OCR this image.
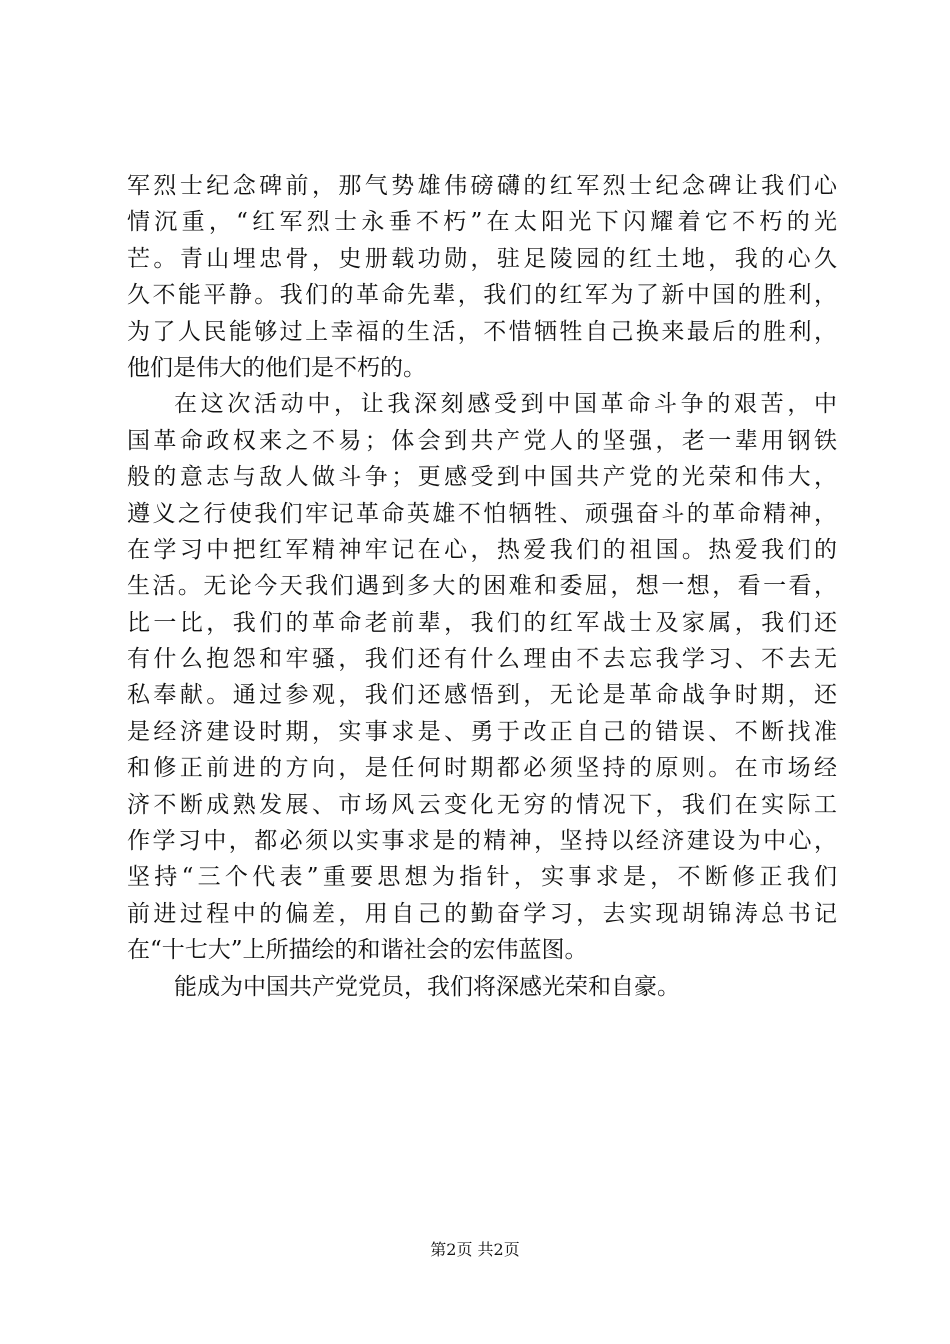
军烈士纪念碑前，那气势雄伟磅礴的红军烈士纪念碑让我们心
情沉重，“红军烈士永垂不朽”在太阳光下闪耀着它不朽的光
芒。青山埋忠骨，史册载功勋，驻足陵园的红土地，我的心久
久不能平静。我们的革命先辈，我们的红军为了新中国的胜利，
为了人民能够过上幸福的生活，不惜牺牲自己换来最后的胜利，
他们是伟大的他们是不朽的。
在这次活动中，让我深刻感受到中国革命斗争的艰苦，中
国革命政权来之不易；体会到共产党人的坚强，老一辈用钢铁
般的意志与敌人做斗争；更感受到中国共产党的光荣和伟大，
遵义之行使我们牢记革命英雄不怕牺牲、顽强奋斗的革命精神，
在学习中把红军精神牢记在心，热爱我们的祖国。热爱我们的
生活。无论今天我们遇到多大的困难和委屈，想一想，看一看，
比一比，我们的革命老前辈，我们的红军战士及家属，我们还
有什么抱怨和牢骚，我们还有什么理由不去忘我学习、不去无
私奉献。通过参观，我们还感悟到，无论是革命战争时期，还
是经济建设时期，实事求是、勇于改正自己的错误、不断找准
和修正前进的方向，是任何时期都必须坚持的原则。在市场经
济不断成熟发展、市场风云变化无穷的情况下，我们在实际工
作学习中，都必须以实事求是的精神，坚持以经济建设为中心，
坚持“三个代表”重要思想为指针，实事求是，不断修正我们
前进过程中的偏差，用自己的勤奋学习，去实现胡锦涛总书记
在“十七大”上所描绘的和谐社会的宏伟蓝图。
能成为中国共产党党员，我们将深感光荣和自豪。
第2页 共2页
